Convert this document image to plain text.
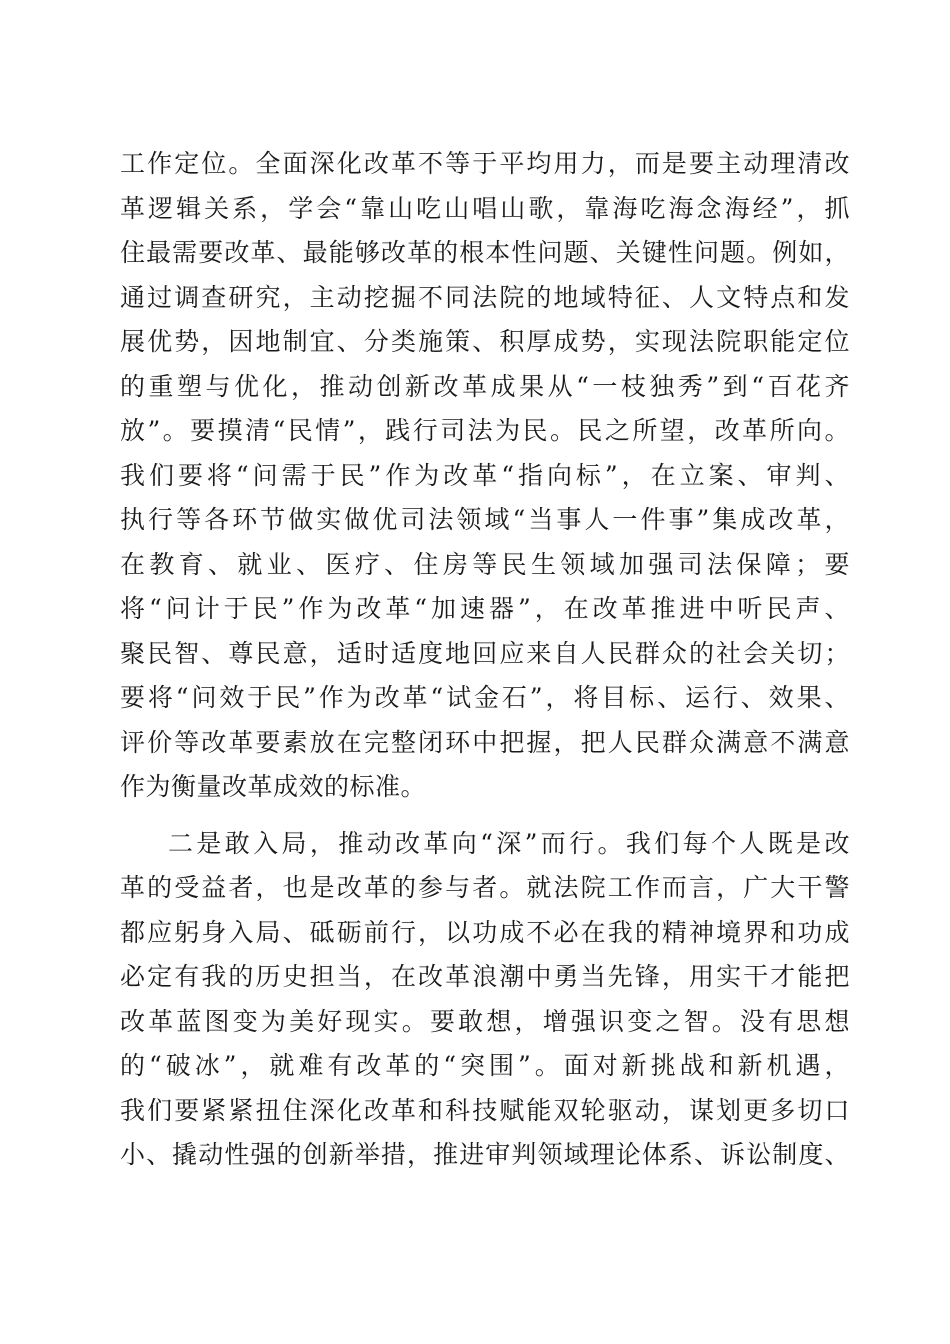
工作定位。全面深化改革不等于平均用力，而是要主动理清改
革逻辑关系，学会“靠山吃山唱山歌，靠海吃海念海经”，抓
住最需要改革、最能够改革的根本性问题、关键性问题。例如，
通过调查研究，主动挖掘不同法院的地域特征、人文特点和发
展优势，因地制宜、分类施策、积厚成势，实现法院职能定位
的重塑与优化，推动创新改革成果从“一枝独秀”到“百花齐
放”。要摸清“民情”，践行司法为民。民之所望，改革所向。
我们要将“问需于民”作为改革“指向标”，在立案、审判、
执行等各环节做实做优司法领域“当事人一件事”集成改革，
在教育、就业、医疗、住房等民生领域加强司法保障；要
将“问计于民”作为改革“加速器”，在改革推进中听民声、
聚民智、尊民意，适时适度地回应来自人民群众的社会关切；
要将“问效于民”作为改革“试金石”，将目标、运行、效果、
评价等改革要素放在完整闭环中把握，把人民群众满意不满意
作为衡量改革成效的标准。
二是敢入局，推动改革向“深”而行。我们每个人既是改
革的受益者，也是改革的参与者。就法院工作而言，广大干警
都应躬身入局、砥砺前行，以功成不必在我的精神境界和功成
必定有我的历史担当，在改革浪潮中勇当先锋，用实干才能把
改革蓝图变为美好现实。要敢想，增强识变之智。没有思想
的“破冰”，就难有改革的“突围”。面对新挑战和新机遇，
我们要紧紧扭住深化改革和科技赋能双轮驱动，谋划更多切口
小、撬动性强的创新举措，推进审判领域理论体系、诉讼制度、
